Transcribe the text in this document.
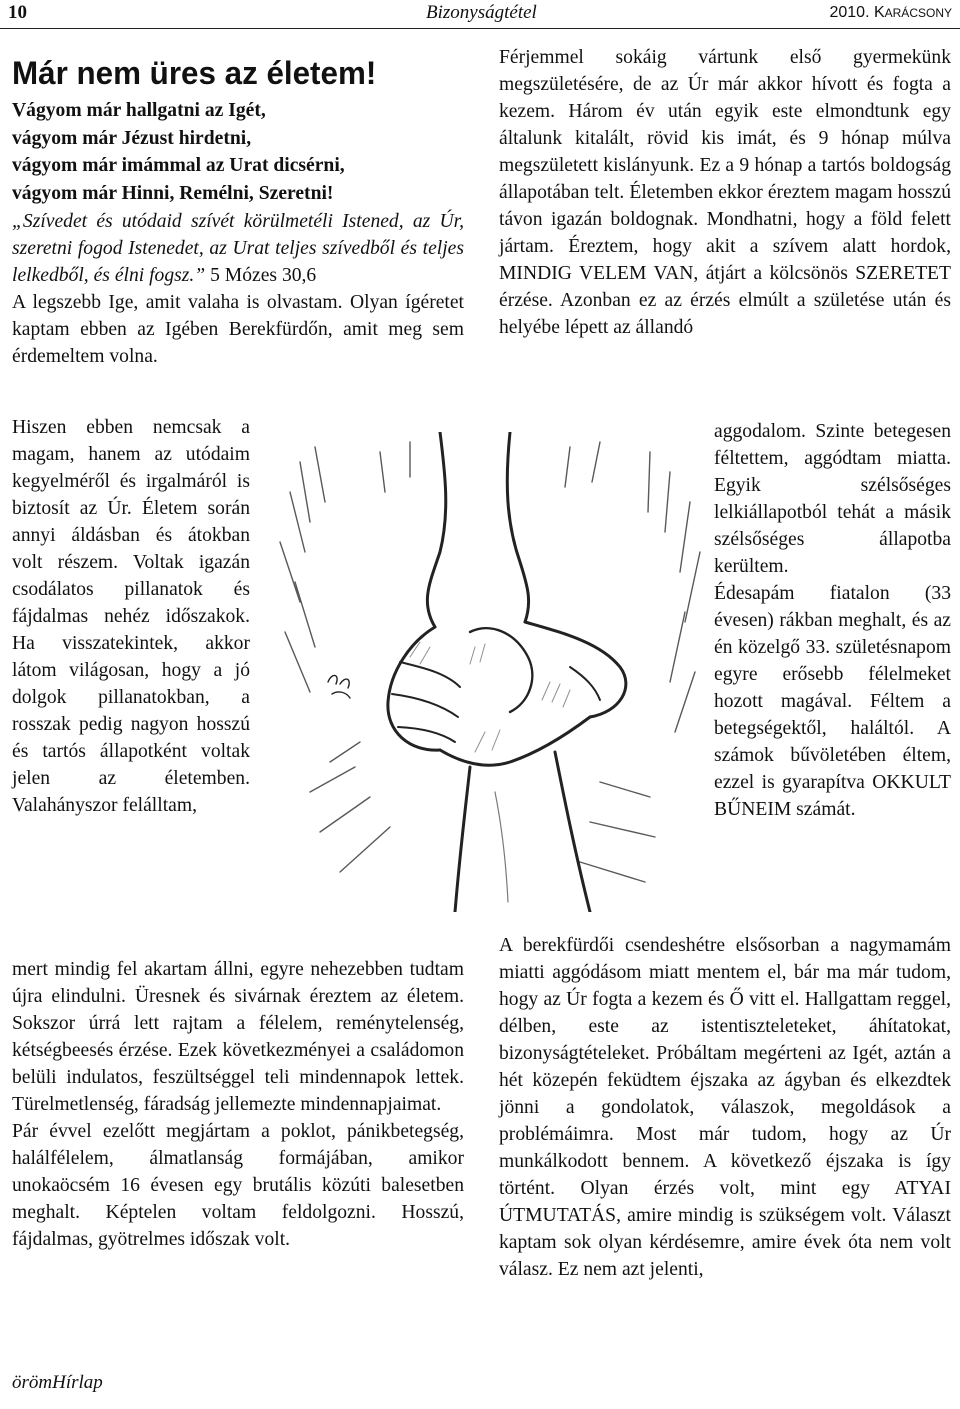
10	Bizonyságtétel	2010. KARÁCSONY
Már nem üres az életem!
Vágyom már hallgatni az Igét,
vágyom már Jézust hirdetni,
vágyom már imámmal az Urat dicsérni,
vágyom már Hinni, Remélni, Szeretni!

„Szívedet és utódaid szívét körülmetéli Istened, az Úr, szeretni fogod Istenedet, az Urat teljes szívedből és teljes lelkedből, és élni fogsz.” 5 Mózes 30,6

A legszebb Ige, amit valaha is olvastam. Olyan ígéretet kaptam ebben az Igében Berekfürdőn, amit meg sem érdemeltem volna.

Hiszen ebben nemcsak a magam, hanem az utódaim kegyelméről és irgalmáról is biztosít az Úr. Életem során annyi áldásban és átokban volt részem. Voltak igazán csodálatos pillanatok és fájdalmas nehéz időszakok. Ha visszatekintek, akkor látom világosan, hogy a jó dolgok pillanatokban, a rosszak pedig nagyon hosszú és tartós állapotként voltak jelen az életemben. Valahányszor felálltam,

mert mindig fel akartam állni, egyre nehezebben tudtam újra elindulni. Üresnek és sivárnak éreztem az életem. Sokszor úrrá lett rajtam a félelem, reménytelenség, kétségbeesés érzése. Ezek következményei a családomon belüli indulatos, feszültséggel teli mindennapok lettek. Türelmetlenség, fáradság jellemezte mindennapjaimat.

Pár évvel ezelőtt megjártam a poklot, pánikbetegség, halálfélelem, álmatlanság formájában, amikor unokaöcsém 16 évesen egy brutális közúti balesetben meghalt. Képtelen voltam feldolgozni. Hosszú, fájdalmas, gyötrelmes időszak volt.

Férjemmel sokáig vártunk első gyermekünk megszületésére, de az Úr már akkor hívott és fogta a kezem. Három év után egyik este elmondtunk egy általunk kitalált, rövid kis imát, és 9 hónap múlva megszületett kislányunk. Ez a 9 hónap a tartós boldogság állapotában telt. Életemben ekkor éreztem magam hosszú távon igazán boldognak. Mondhatni, hogy a föld felett jártam. Éreztem, hogy akit a szívem alatt hordok, MINDIG VELEM VAN, átjárt a kölcsönös SZERETET érzése. Azonban ez az érzés elmúlt a születése után és helyébe lépett az állandó

aggodalom. Szinte betegesen féltettem, aggódtam miatta. Egyik szélsőséges lelkiállapotból tehát a másik szélsőséges állapotba kerültem.

Édesapám fiatalon (33 évesen) rákban meghalt, és az én közelgő 33. születésnapom egyre erősebb félelmeket hozott magával. Féltem a betegségektől, haláltól. A számok bűvöletében éltem, ezzel is gyarapítva OKKULT BŰNEIM számát.

A berekfürdői csendeshétre elsősorban a nagymamám miatti aggódásom miatt mentem el, bár ma már tudom, hogy az Úr fogta a kezem és Ő vitt el. Hallgattam reggel, délben, este az istentiszteleteket, áhítatokat, bizonyságtételeket. Próbáltam megérteni az Igét, aztán a hét közepén feküdtem éjszaka az ágyban és elkezdtek jönni a gondolatok, válaszok, megoldások a problémáimra. Most már tudom, hogy az Úr munkálkodott bennem. A következő éjszaka is így történt. Olyan érzés volt, mint egy ATYAI ÚTMUTATÁS, amire mindig is szükségem volt. Választ kaptam sok olyan kérdésemre, amire évek óta nem volt válasz. Ez nem azt jelenti,

örömHírlap
